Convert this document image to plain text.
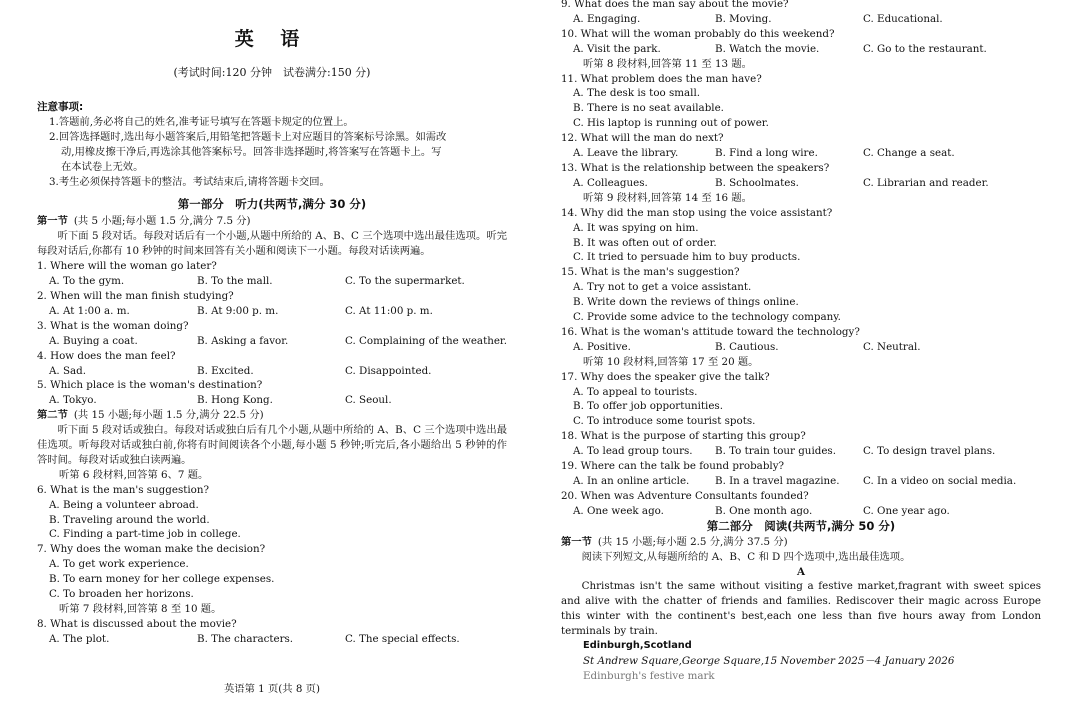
英 语
(考试时间:120 分钟　试卷满分:150 分)
注意事项:
1.答题前,务必将自己的姓名,准考证号填写在答题卡规定的位置上。
2.回答选择题时,选出每小题答案后,用铅笔把答题卡上对应题目的答案标号涂黑。如需改
动,用橡皮擦干净后,再选涂其他答案标号。回答非选择题时,将答案写在答题卡上。写
在本试卷上无效。
3.考生必须保持答题卡的整洁。考试结束后,请将答题卡交回。
第一部分　听力(共两节,满分 30 分)
第一节 (共 5 小题;每小题 1.5 分,满分 7.5 分)
听下面 5 段对话。每段对话后有一个小题,从题中所给的 A、B、C 三个选项中选出最佳选项。听完每段对话后,你都有 10 秒钟的时间来回答有关小题和阅读下一小题。每段对话读两遍。
1. Where will the woman go later?
A. To the gym.	B. To the mall.	C. To the supermarket.
2. When will the man finish studying?
A. At 1:00 a. m.	B. At 9:00 p. m.	C. At 11:00 p. m.
3. What is the woman doing?
A. Buying a coat.	B. Asking a favor.	C. Complaining of the weather.
4. How does the man feel?
A. Sad.	B. Excited.	C. Disappointed.
5. Which place is the woman's destination?
A. Tokyo.	B. Hong Kong.	C. Seoul.
第二节 (共 15 小题;每小题 1.5 分,满分 22.5 分)
听下面 5 段对话或独白。每段对话或独白后有几个小题,从题中所给的 A、B、C 三个选项中选出最佳选项。听每段对话或独白前,你将有时间阅读各个小题,每小题 5 秒钟;听完后,各小题给出 5 秒钟的作答时间。每段对话或独白读两遍。
听第 6 段材料,回答第 6、7 题。
6. What is the man's suggestion?
A. Being a volunteer abroad.
B. Traveling around the world.
C. Finding a part-time job in college.
7. Why does the woman make the decision?
A. To get work experience.
B. To earn money for her college expenses.
C. To broaden her horizons.
听第 7 段材料,回答第 8 至 10 题。
8. What is discussed about the movie?
A. The plot.	B. The characters.	C. The special effects.
英语第 1 页(共 8 页)
9. What does the man say about the movie?
A. Engaging.	B. Moving.	C. Educational.
10. What will the woman probably do this weekend?
A. Visit the park.	B. Watch the movie.	C. Go to the restaurant.
听第 8 段材料,回答第 11 至 13 题。
11. What problem does the man have?
A. The desk is too small.
B. There is no seat available.
C. His laptop is running out of power.
12. What will the man do next?
A. Leave the library.	B. Find a long wire.	C. Change a seat.
13. What is the relationship between the speakers?
A. Colleagues.	B. Schoolmates.	C. Librarian and reader.
听第 9 段材料,回答第 14 至 16 题。
14. Why did the man stop using the voice assistant?
A. It was spying on him.
B. It was often out of order.
C. It tried to persuade him to buy products.
15. What is the man's suggestion?
A. Try not to get a voice assistant.
B. Write down the reviews of things online.
C. Provide some advice to the technology company.
16. What is the woman's attitude toward the technology?
A. Positive.	B. Cautious.	C. Neutral.
听第 10 段材料,回答第 17 至 20 题。
17. Why does the speaker give the talk?
A. To appeal to tourists.
B. To offer job opportunities.
C. To introduce some tourist spots.
18. What is the purpose of starting this group?
A. To lead group tours.	B. To train tour guides.	C. To design travel plans.
19. Where can the talk be found probably?
A. In an online article.	B. In a travel magazine.	C. In a video on social media.
20. When was Adventure Consultants founded?
A. One week ago.	B. One month ago.	C. One year ago.
第二部分　阅读(共两节,满分 50 分)
第一节 (共 15 小题;每小题 2.5 分,满分 37.5 分)
阅读下列短文,从每题所给的 A、B、C 和 D 四个选项中,选出最佳选项。
A
Christmas isn't the same without visiting a festive market,fragrant with sweet spices and alive with the chatter of friends and families. Rediscover their magic across Europe this winter with the continent's best,each one less than five hours away from London terminals by train.
Edinburgh,Scotland
St Andrew Square,George Square,15 November 2025－4 January 2026
Edinburgh's festive mark
